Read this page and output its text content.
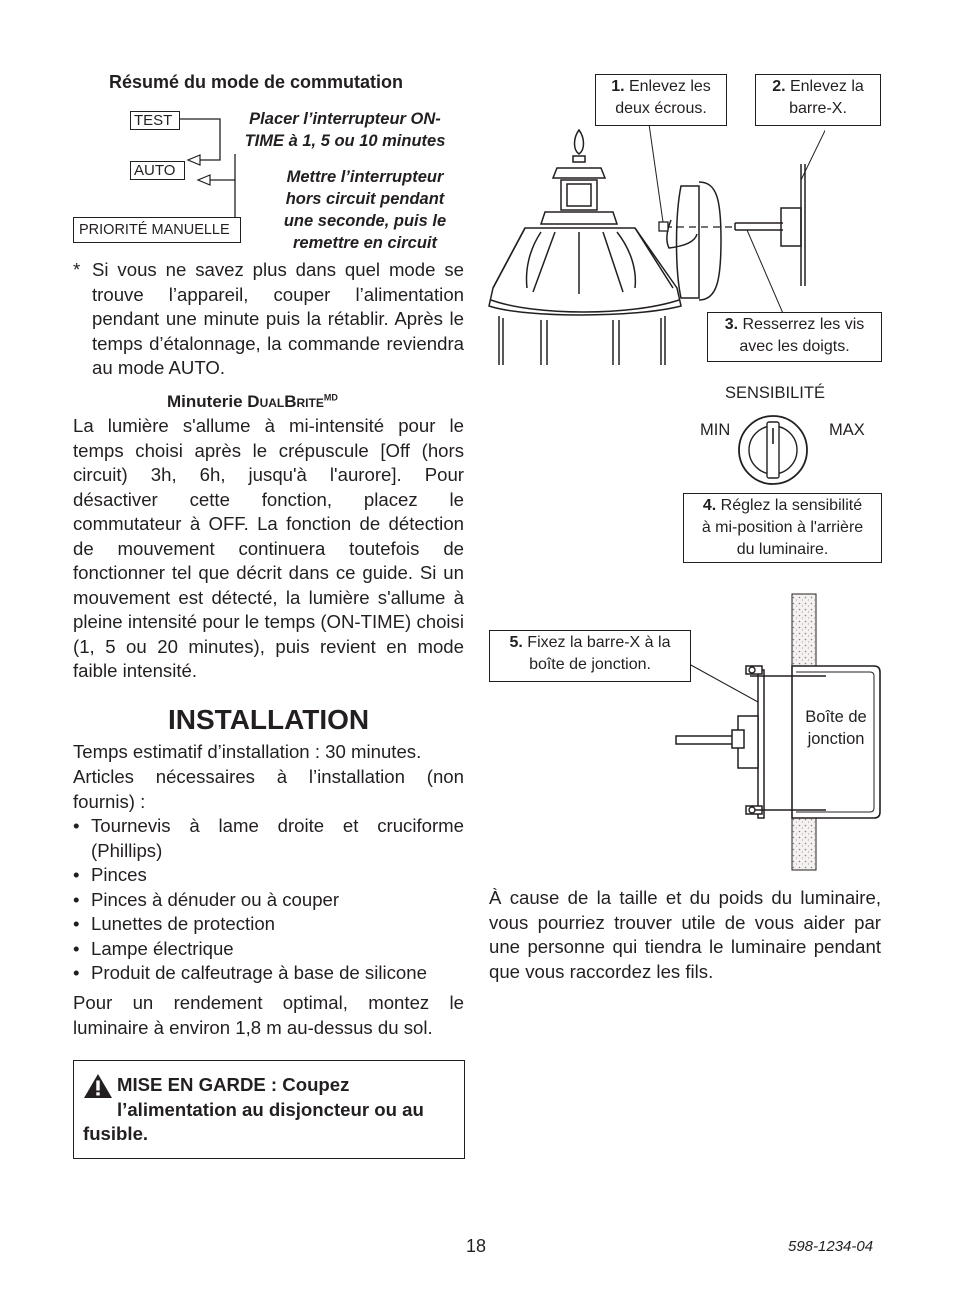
Résumé du mode de commutation
TEST
AUTO
PRIORITÉ MANUELLE
Placer l’interrupteur ON-
TIME à 1, 5 ou 10 minutes
Mettre l’interrupteur
hors circuit pendant
une seconde, puis le
remettre en circuit
* Si vous ne savez plus dans quel mode se trouve l’appareil, couper l’alimentation pendant une minute puis la rétablir. Après le temps d’étalonnage, la commande reviendra au mode AUTO.
Minuterie $DUALBRITE^{MD}$
La lumière s'allume à mi-intensité pour le temps choisi après le crépuscule [Off (hors circuit) 3h, 6h, jusqu'à l'aurore]. Pour désactiver cette fonction, placez le commutateur à OFF. La fonction de détection de mouvement continuera toutefois de fonctionner tel que décrit dans ce guide. Si un mouvement est détecté, la lumière s'allume à pleine intensité pour le temps (ON-TIME) choisi (1, 5 ou 20 minutes), puis revient en mode faible intensité.
INSTALLATION
Temps estimatif d’installation : 30 minutes.
Articles nécessaires à l’installation (non fournis) :
• Tournevis à lame droite et cruciforme (Phillips)
• Pinces
• Pinces à dénuder ou à couper
• Lunettes de protection
• Lampe électrique
• Produit de calfeutrage à base de silicone
Pour un rendement optimal, montez le luminaire à environ 1,8 m au-dessus du sol.
MISE EN GARDE : Coupez l’alimentation au disjoncteur ou au fusible.
1. Enlevez les
deux écrous.
2. Enlevez la
barre-X.
3. Resserrez les vis
avec les doigts.
SENSIBILITÉ
MIN	MAX
4. Réglez la sensibilité
à mi-position à l'arrière
du luminaire.
5. Fixez la barre-X à la
boîte de jonction.
Boîte de
jonction
À cause de la taille et du poids du luminaire, vous pourriez trouver utile de vous aider par une personne qui tiendra le luminaire pendant que vous raccordez les fils.
18	598-1234-04
